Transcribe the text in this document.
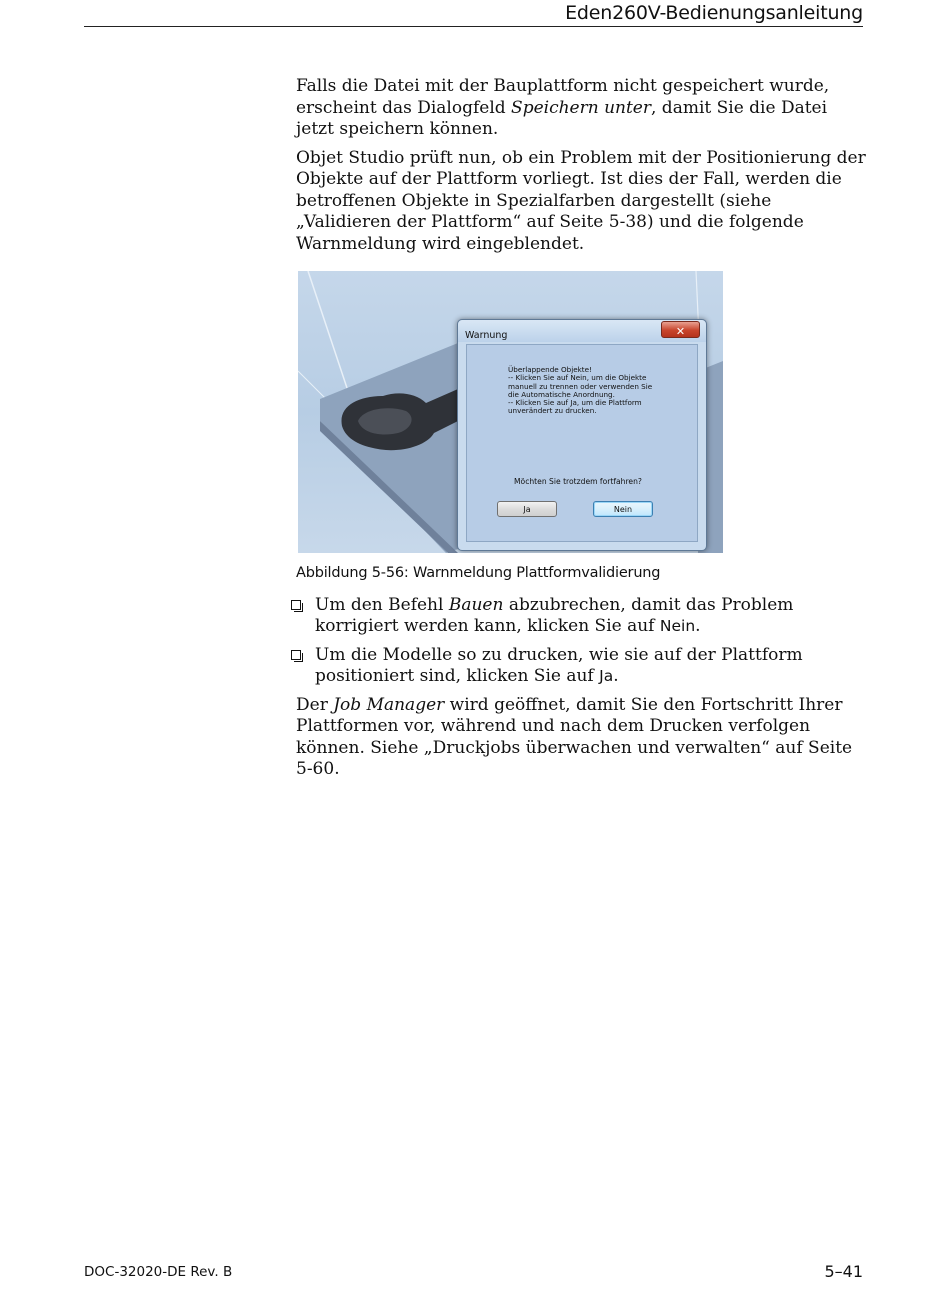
Eden260V-Bedienungsanleitung

Falls die Datei mit der Bauplattform nicht gespeichert wurde, erscheint das Dialogfeld Speichern unter, damit Sie die Datei jetzt speichern können.

Objet Studio prüft nun, ob ein Problem mit der Positionierung der Objekte auf der Plattform vorliegt. Ist dies der Fall, werden die betroffenen Objekte in Spezialfarben dargestellt (siehe „Validieren der Plattform“ auf Seite 5-38) und die folgende Warnmeldung wird eingeblendet.

Warnung	✕
Überlappende Objekte!
-- Klicken Sie auf Nein, um die Objekte
manuell zu trennen oder verwenden Sie
die Automatische Anordnung.
-- Klicken Sie auf Ja, um die Plattform
unverändert zu drucken.
Möchten Sie trotzdem fortfahren?
Ja	Nein
Abbildung 5-56: Warnmeldung Plattformvalidierung
Um den Befehl Bauen abzubrechen, damit das Problem korrigiert werden kann, klicken Sie auf Nein.
Um die Modelle so zu drucken, wie sie auf der Plattform positioniert sind, klicken Sie auf Ja.

Der Job Manager wird geöffnet, damit Sie den Fortschritt Ihrer Plattformen vor, während und nach dem Drucken verfolgen können. Siehe „Druckjobs überwachen und verwalten“ auf Seite 5-60.

DOC-32020-DE Rev. B	5–41
